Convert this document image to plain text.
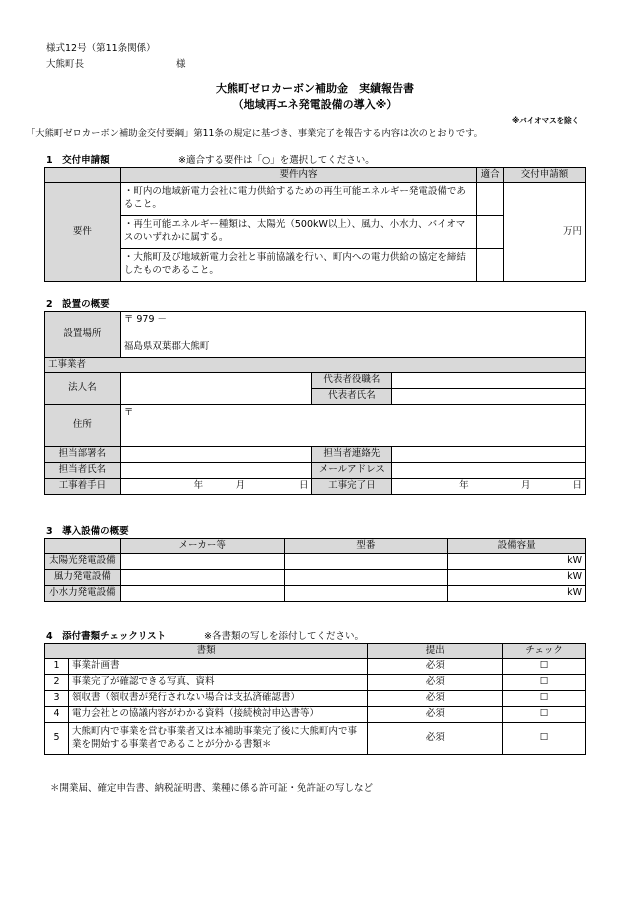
様式12号（第11条関係）
大熊町長	様
大熊町ゼロカーボン補助金　実績報告書
（地域再エネ発電設備の導入※）
※バイオマスを除く
「大熊町ゼロカーボン補助金交付要綱」第11条の規定に基づき、事業完了を報告する内容は次のとおりです。
1　交付申請額	※適合する要件は「○」を選択してください。
	要件内容	適合	交付申請額
要件	・町内の地域新電力会社に電力供給するための再生可能エネルギー発電設備であること。		万円
	・再生可能エネルギー種類は、太陽光（500kW以上）、風力、小水力、バイオマスのいずれかに属する。		
	・大熊町及び地域新電力会社と事前協議を行い、町内への電力供給の協定を締結したものであること。		
2　設置の概要
設置場所	〒 979 －
福島県双葉郡大熊町						

工事業者							
法人名				代表者役職名			
				代表者氏名			
住所	〒						
担当部署名				担当者連絡先			
担当者氏名				メールアドレス			
工事着手日	年	月	日	工事完了日	年	月	日
3　導入設備の概要
	メーカー等	型番	設備容量
太陽光発電設備			kW
風力発電設備			kW
小水力発電設備			kW
4　添付書類チェックリスト	※各書類の写しを添付してください。
書類		提出	チェック
1	事業計画書	必須	☐
2	事業完了が確認できる写真、資料	必須	☐
3	領収書（領収書が発行されない場合は支払済確認書）	必須	☐
4	電力会社との協議内容がわかる資料（接続検討申込書等）	必須	☐
5	大熊町内で事業を営む事業者又は本補助事業完了後に大熊町内で事業を開始する事業者であることが分かる書類＊	必須	☐
＊開業届、確定申告書、納税証明書、業種に係る許可証・免許証の写しなど
